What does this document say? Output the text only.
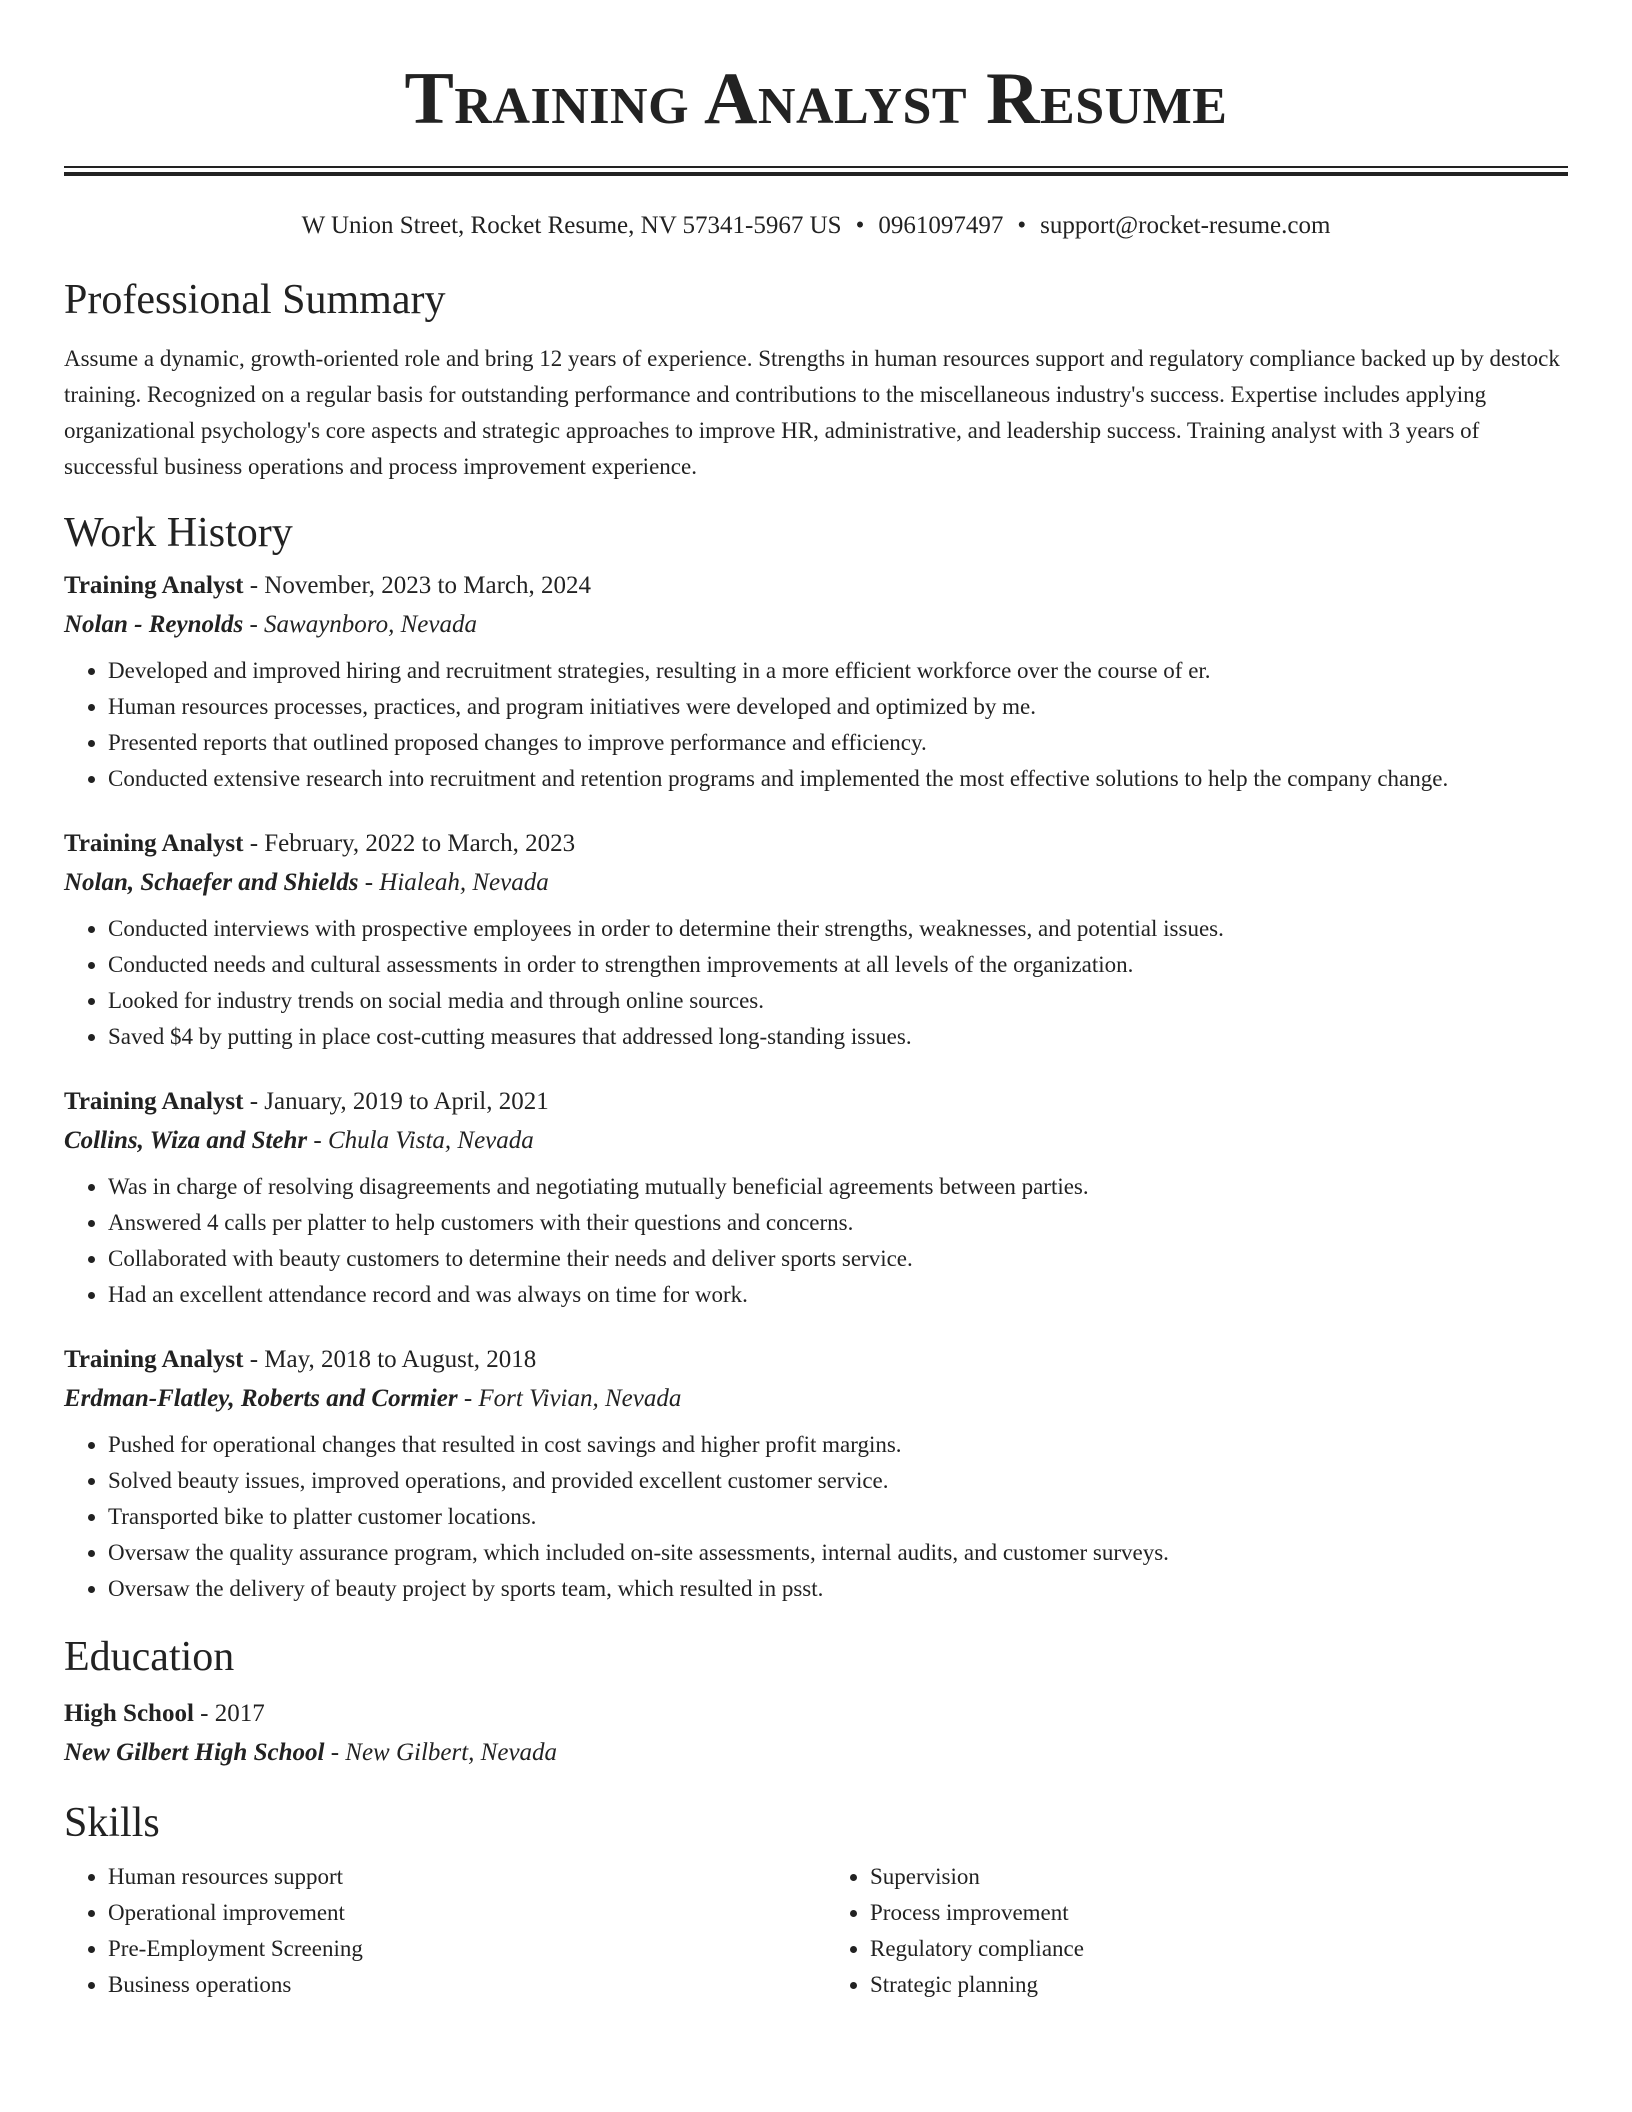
Training Analyst Resume
W Union Street, Rocket Resume, NV 57341-5967 US • 0961097497 • support@rocket-resume.com
Professional Summary

Assume a dynamic, growth-oriented role and bring 12 years of experience. Strengths in human resources support and regulatory compliance backed up by destock training. Recognized on a regular basis for outstanding performance and contributions to the miscellaneous industry's success. Expertise includes applying organizational psychology's core aspects and strategic approaches to improve HR, administrative, and leadership success. Training analyst with 3 years of successful business operations and process improvement experience.

Work History

Training Analyst - November, 2023 to March, 2024

Nolan - Reynolds - Sawaynboro, Nevada

• Developed and improved hiring and recruitment strategies, resulting in a more efficient workforce over the course of er.
• Human resources processes, practices, and program initiatives were developed and optimized by me.
• Presented reports that outlined proposed changes to improve performance and efficiency.
• Conducted extensive research into recruitment and retention programs and implemented the most effective solutions to help the company change.

Training Analyst - February, 2022 to March, 2023

Nolan, Schaefer and Shields - Hialeah, Nevada

• Conducted interviews with prospective employees in order to determine their strengths, weaknesses, and potential issues.
• Conducted needs and cultural assessments in order to strengthen improvements at all levels of the organization.
• Looked for industry trends on social media and through online sources.
• Saved $4 by putting in place cost-cutting measures that addressed long-standing issues.

Training Analyst - January, 2019 to April, 2021

Collins, Wiza and Stehr - Chula Vista, Nevada

• Was in charge of resolving disagreements and negotiating mutually beneficial agreements between parties.
• Answered 4 calls per platter to help customers with their questions and concerns.
• Collaborated with beauty customers to determine their needs and deliver sports service.
• Had an excellent attendance record and was always on time for work.

Training Analyst - May, 2018 to August, 2018

Erdman-Flatley, Roberts and Cormier - Fort Vivian, Nevada

• Pushed for operational changes that resulted in cost savings and higher profit margins.
• Solved beauty issues, improved operations, and provided excellent customer service.
• Transported bike to platter customer locations.
• Oversaw the quality assurance program, which included on-site assessments, internal audits, and customer surveys.
• Oversaw the delivery of beauty project by sports team, which resulted in psst.
Education

High School - 2017

New Gilbert High School - New Gilbert, Nevada

Skills
• Human resources support
• Operational improvement
• Pre-Employment Screening
• Business operations
• Supervision
• Process improvement
• Regulatory compliance
• Strategic planning
